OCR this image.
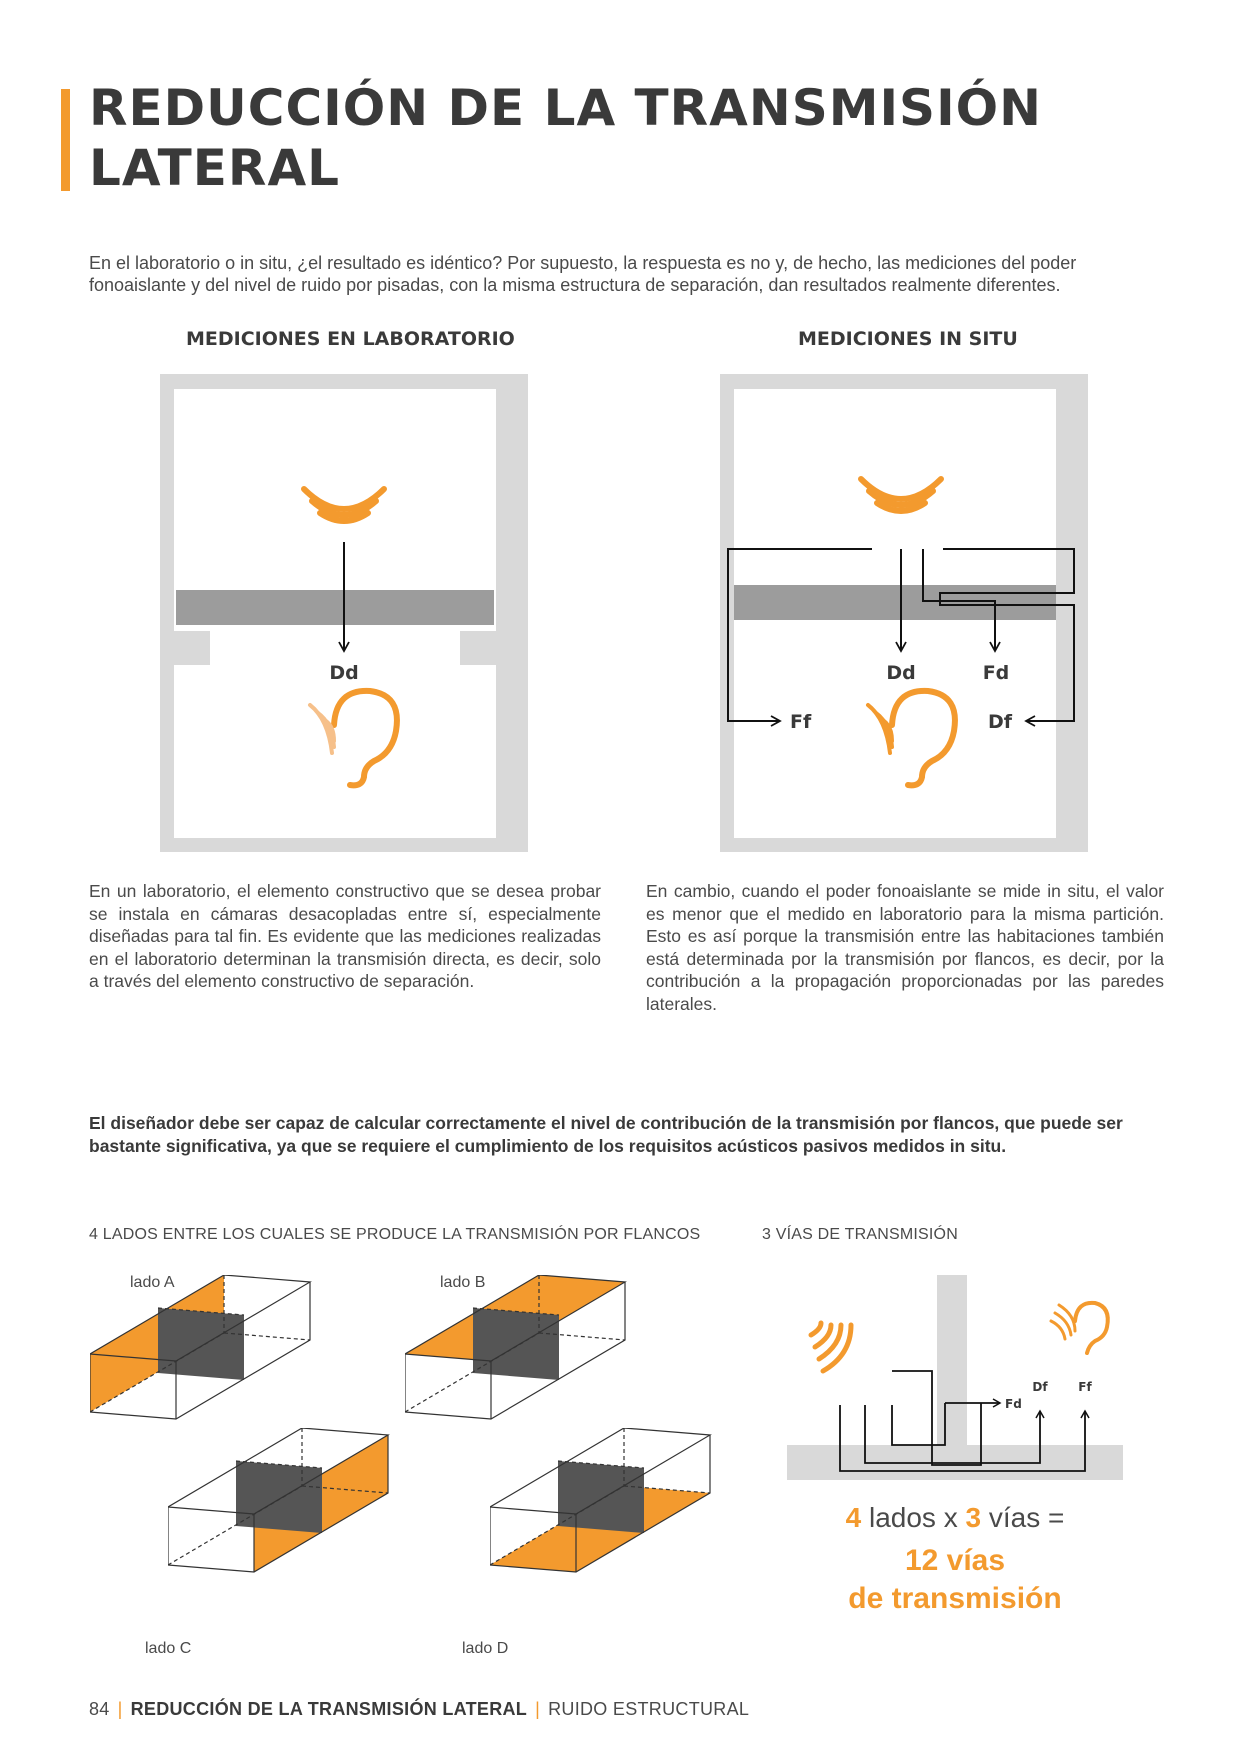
REDUCCIÓN DE LA TRANSMISIÓN
LATERAL

En el laboratorio o in situ, ¿el resultado es idéntico? Por supuesto, la respuesta es no y, de hecho, las mediciones del poder fonoaislante y del nivel de ruido por pisadas, con la misma estructura de separación, dan resultados realmente diferentes.

MEDICIONES EN LABORATORIO	MEDICIONES IN SITU
Dd	Dd	Fd
Ff	Df

En un laboratorio, el elemento constructivo que se desea probar se instala en cámaras desacopladas entre sí, especialmente diseñadas para tal fin. Es evidente que las mediciones realizadas en el laboratorio determinan la transmisión directa, es decir, solo a través del elemento constructivo de separación.

En cambio, cuando el poder fonoaislante se mide in situ, el valor es menor que el medido en laboratorio para la misma partición. Esto es así porque la transmisión entre las habitaciones también está determinada por la transmisión por flancos, es decir, por la contribución a la propagación proporcionadas por las paredes laterales.

El diseñador debe ser capaz de calcular correctamente el nivel de contribución de la transmisión por flancos, que puede ser bastante significativa, ya que se requiere el cumplimiento de los requisitos acústicos pasivos medidos in situ.

4 LADOS ENTRE LOS CUALES SE PRODUCE LA TRANSMISIÓN POR FLANCOS	3 VÍAS DE TRANSMISIÓN
lado A	lado B
lado C	lado D
Fd
Df	Ff
4 lados x 3 vías =
12 vías
de transmisión
84 | REDUCCIÓN DE LA TRANSMISIÓN LATERAL | RUIDO ESTRUCTURAL
